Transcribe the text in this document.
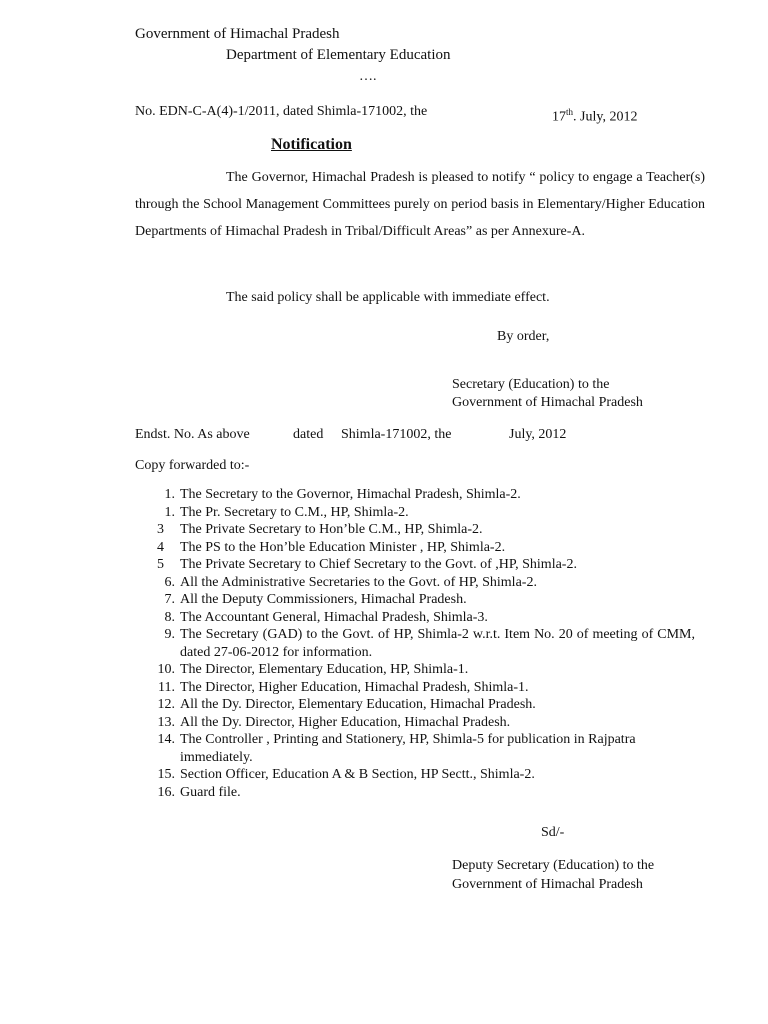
Government of Himachal Pradesh
Department of Elementary Education
….
No. EDN-C-A(4)-1/2011, dated Shimla-171002, the	17th. July, 2012
Notification
The Governor, Himachal Pradesh is pleased to notify “ policy to engage a Teacher(s) through the School Management Committees purely on period basis in Elementary/Higher Education Departments of Himachal Pradesh in Tribal/Difficult Areas” as per Annexure-A.
The said policy shall be applicable with immediate effect.
By order,
Secretary (Education) to the
Government of Himachal Pradesh
Endst. No. As above	dated Shimla-171002, the	July, 2012
Copy forwarded to:-
1. The Secretary to the Governor, Himachal Pradesh, Shimla-2.
1. The Pr. Secretary to C.M., HP, Shimla-2.
3	The Private Secretary to Hon’ble C.M., HP, Shimla-2.
4	The PS to the Hon’ble Education Minister , HP, Shimla-2.
5	The Private Secretary to Chief Secretary to the Govt. of ,HP, Shimla-2.
6. All the Administrative Secretaries to the Govt. of HP, Shimla-2.
7. All the Deputy Commissioners, Himachal Pradesh.
8. The Accountant General, Himachal Pradesh, Shimla-3.
9. The Secretary (GAD) to the Govt. of HP, Shimla-2 w.r.t. Item No. 20 of meeting of CMM, dated 27-06-2012 for information.
10. The Director, Elementary Education, HP, Shimla-1.
11. The Director, Higher Education, Himachal Pradesh, Shimla-1.
12. All the Dy. Director, Elementary Education, Himachal Pradesh.
13. All the Dy. Director, Higher Education, Himachal Pradesh.
14. The Controller , Printing and Stationery, HP, Shimla-5 for publication in Rajpatra immediately.
15. Section Officer, Education A & B Section, HP Sectt., Shimla-2.
16. Guard file.
Sd/-
Deputy Secretary (Education) to the
Government of Himachal Pradesh
